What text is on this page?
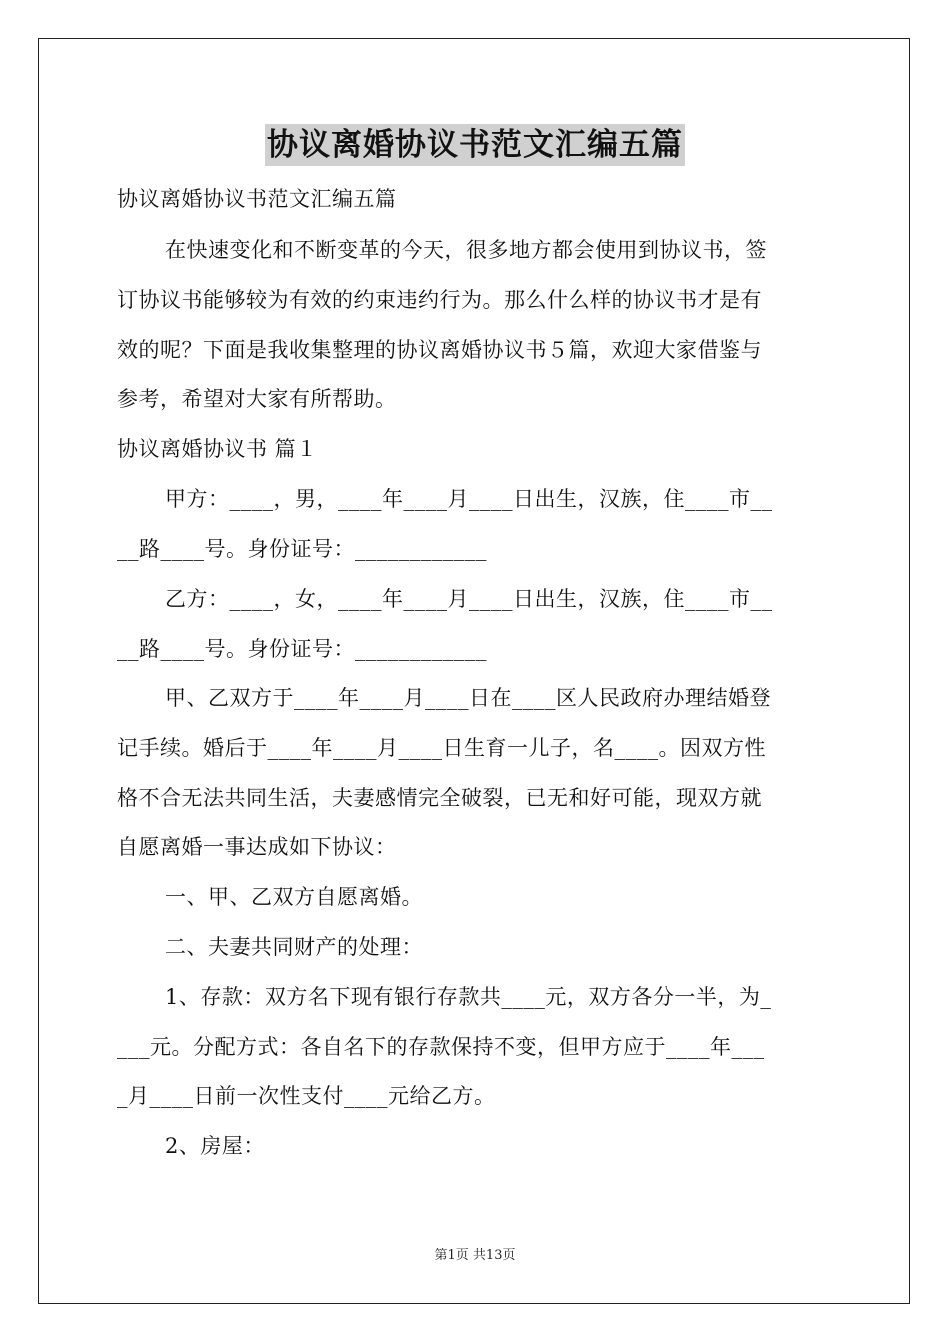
协议离婚协议书范文汇编五篇
协议离婚协议书范文汇编五篇
在快速变化和不断变革的今天，很多地方都会使用到协议书，签
订协议书能够较为有效的约束违约行为。那么什么样的协议书才是有
效的呢？下面是我收集整理的协议离婚协议书５篇，欢迎大家借鉴与
参考，希望对大家有所帮助。
协议离婚协议书 篇１
甲方：____，男，____年____月____日出生，汉族，住____市__
__路____号。身份证号：____________
乙方：____，女，____年____月____日出生，汉族，住____市__
__路____号。身份证号：____________
甲、乙双方于____年____月____日在____区人民政府办理结婚登
记手续。婚后于____年____月____日生育一儿子，名____。因双方性
格不合无法共同生活，夫妻感情完全破裂，已无和好可能，现双方就
自愿离婚一事达成如下协议：
一、甲、乙双方自愿离婚。
二、夫妻共同财产的处理：
1、存款：双方名下现有银行存款共____元，双方各分一半，为_
___元。分配方式：各自名下的存款保持不变，但甲方应于____年___
_月____日前一次性支付____元给乙方。
2、房屋：
第1页 共13页
